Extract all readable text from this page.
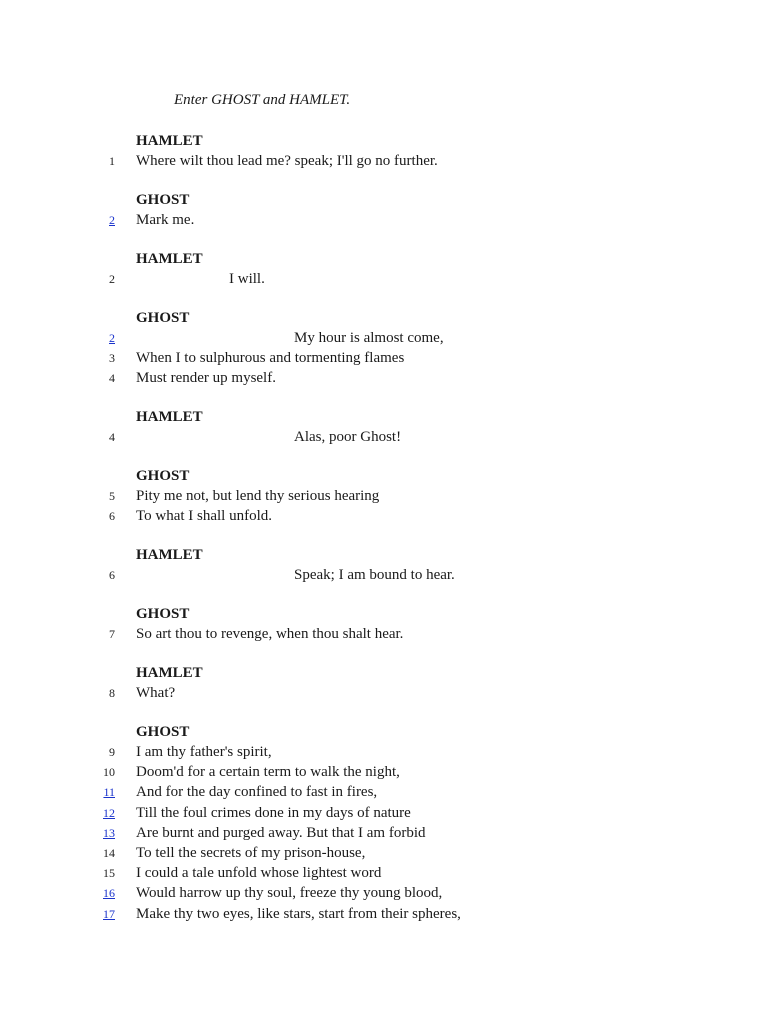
Enter GHOST and HAMLET.
HAMLET
1 Where wilt thou lead me? speak; I'll go no further.
GHOST
2 Mark me.
HAMLET
2	I will.
GHOST
2	My hour is almost come,
3 When I to sulphurous and tormenting flames
4 Must render up myself.
HAMLET
4	Alas, poor Ghost!
GHOST
5 Pity me not, but lend thy serious hearing
6 To what I shall unfold.
HAMLET
6	Speak; I am bound to hear.
GHOST
7 So art thou to revenge, when thou shalt hear.
HAMLET
8 What?
GHOST
9 I am thy father's spirit,
10 Doom'd for a certain term to walk the night,
11 And for the day confined to fast in fires,
12 Till the foul crimes done in my days of nature
13 Are burnt and purged away. But that I am forbid
14 To tell the secrets of my prison-house,
15 I could a tale unfold whose lightest word
16 Would harrow up thy soul, freeze thy young blood,
17 Make thy two eyes, like stars, start from their spheres,
